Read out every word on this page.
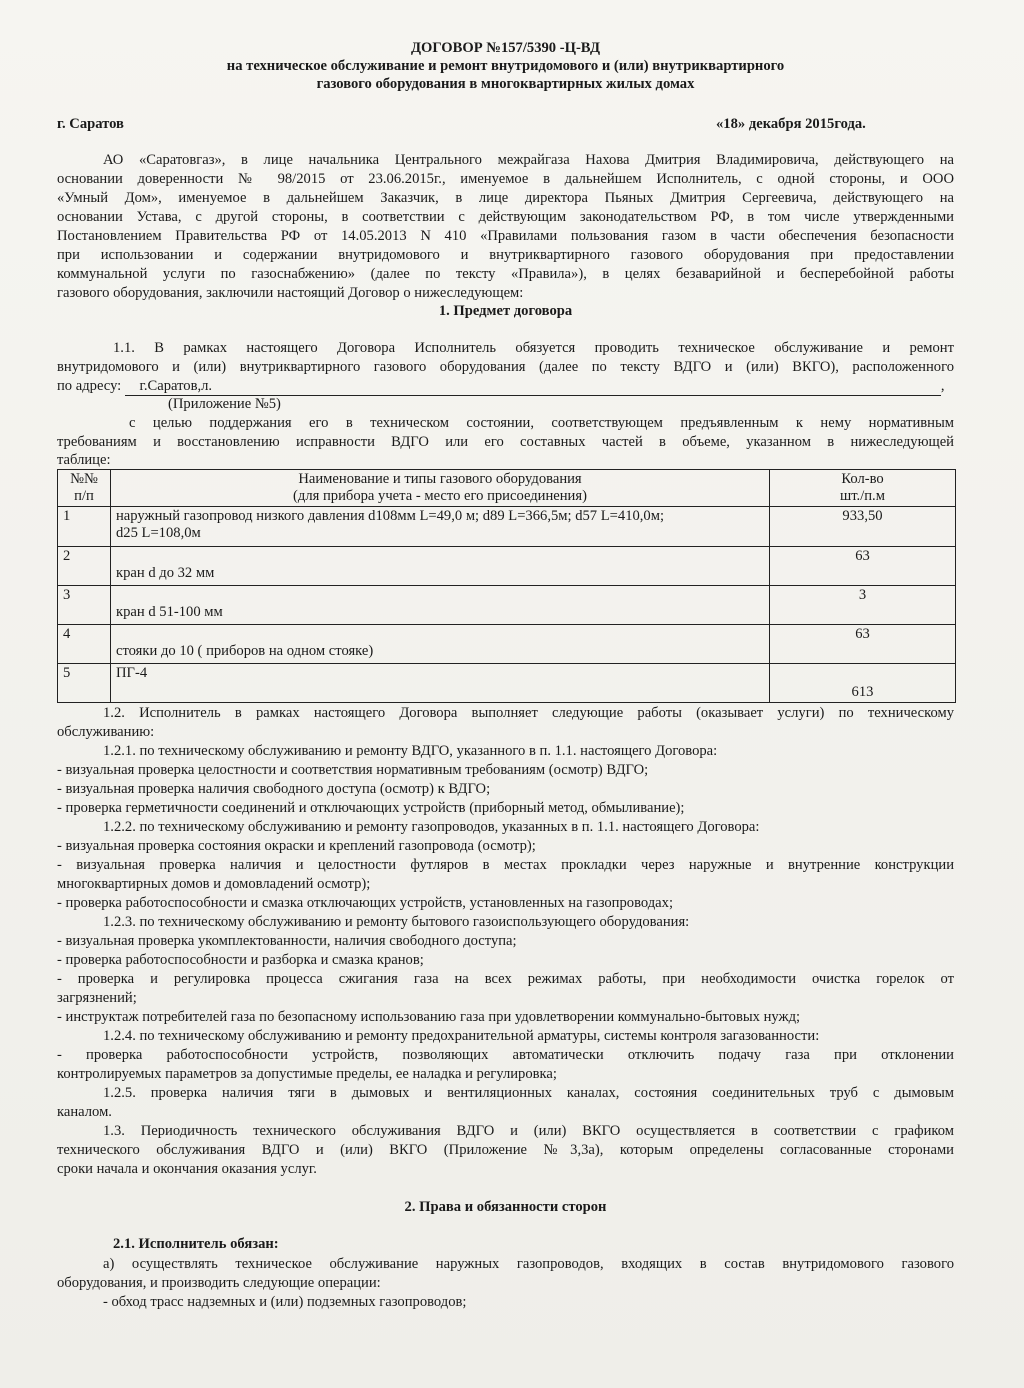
ДОГОВОР №157/5390 -Ц-ВД
на техническое обслуживание и ремонт внутридомового и (или) внутриквартирного
газового оборудования в многоквартирных жилых домах
г. Саратов	«18» декабря 2015года.
АО «Саратовгаз», в лице начальника Центрального межрайгаза Нахова Дмитрия Владимировича, действующего на
основании доверенности № 98/2015 от 23.06.2015г., именуемое в дальнейшем Исполнитель, с одной стороны, и ООО
«Умный Дом», именуемое в дальнейшем Заказчик, в лице директора Пьяных Дмитрия Сергеевича, действующего на
основании Устава, с другой стороны, в соответствии с действующим законодательством РФ, в том числе утвержденными
Постановлением Правительства РФ от 14.05.2013 N 410 «Правилами пользования газом в части обеспечения безопасности
при использовании и содержании внутридомового и внутриквартирного газового оборудования при предоставлении
коммунальной услуги по газоснабжению» (далее по тексту «Правила»), в целях безаварийной и бесперебойной работы
газового оборудования, заключили настоящий Договор о нижеследующем:
1. Предмет договора
1.1. В рамках настоящего Договора Исполнитель обязуется проводить техническое обслуживание и ремонт
внутридомового и (или) внутриквартирного газового оборудования (далее по тексту ВДГО и (или) ВКГО), расположенного
по адресу: г.Саратов,л.	,
(Приложение №5)
с целью поддержания его в техническом состоянии, соответствующем предъявленным к нему нормативным
требованиям и восстановлению исправности ВДГО или его составных частей в объеме, указанном в нижеследующей
таблице:
№№
п/п	Наименование и типы газового оборудования
(для прибора учета - место его присоединения)	Кол-во
шт./п.м

1	наружный газопровод низкого давления d108мм L=49,0 м; d89 L=366,5м; d57 L=410,0м;
d25 L=108,0м	933,50
2	кран d до 32 мм	63
3	кран d 51-100 мм	3
4	стояки до 10 ( приборов на одном стояке)	63
5	ПГ-4	613
1.2. Исполнитель в рамках настоящего Договора выполняет следующие работы (оказывает услуги) по техническому
обслуживанию:
1.2.1. по техническому обслуживанию и ремонту ВДГО, указанного в п. 1.1. настоящего Договора:
- визуальная проверка целостности и соответствия нормативным требованиям (осмотр) ВДГО;
- визуальная проверка наличия свободного доступа (осмотр) к ВДГО;
- проверка герметичности соединений и отключающих устройств (приборный метод, обмыливание);
1.2.2. по техническому обслуживанию и ремонту газопроводов, указанных в п. 1.1. настоящего Договора:
- визуальная проверка состояния окраски и креплений газопровода (осмотр);
- визуальная проверка наличия и целостности футляров в местах прокладки через наружные и внутренние конструкции
многоквартирных домов и домовладений осмотр);
- проверка работоспособности и смазка отключающих устройств, установленных на газопроводах;
1.2.3. по техническому обслуживанию и ремонту бытового газоиспользующего оборудования:
- визуальная проверка укомплектованности, наличия свободного доступа;
- проверка работоспособности и разборка и смазка кранов;
- проверка и регулировка процесса сжигания газа на всех режимах работы, при необходимости очистка горелок от
загрязнений;
- инструктаж потребителей газа по безопасному использованию газа при удовлетворении коммунально-бытовых нужд;
1.2.4. по техническому обслуживанию и ремонту предохранительной арматуры, системы контроля загазованности:
- проверка работоспособности устройств, позволяющих автоматически отключить подачу газа при отклонении
контролируемых параметров за допустимые пределы, ее наладка и регулировка;
1.2.5. проверка наличия тяги в дымовых и вентиляционных каналах, состояния соединительных труб с дымовым
каналом.
1.3. Периодичность технического обслуживания ВДГО и (или) ВКГО осуществляется в соответствии с графиком
технического обслуживания ВДГО и (или) ВКГО (Приложение №3,3а), которым определены согласованные сторонами
сроки начала и окончания оказания услуг.
2. Права и обязанности сторон
2.1. Исполнитель обязан:
а) осуществлять техническое обслуживание наружных газопроводов, входящих в состав внутридомового газового
оборудования, и производить следующие операции:
- обход трасс надземных и (или) подземных газопроводов;
